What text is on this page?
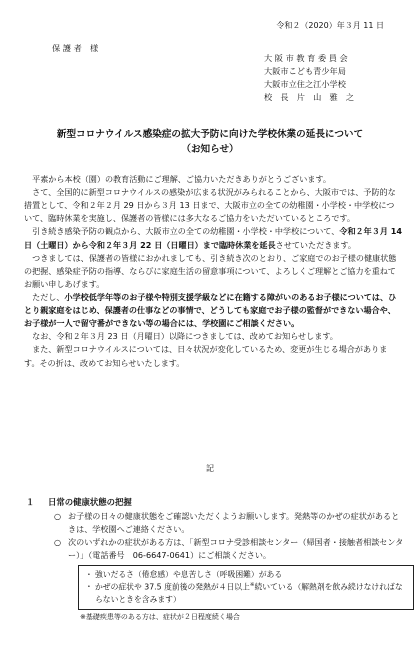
令和２（2020）年３月 11 日
保 護 者　様
大 阪 市 教 育 委 員 会
大阪市こども青少年局
大阪市立住之江小学校
校　長　片　山　雅　之
新型コロナウイルス感染症の拡大予防に向けた学校休業の延長について
（お知らせ）

平素から本校（園）の教育活動にご理解、ご協力いただきありがとうございます。

さて、全国的に新型コロナウイルスの感染が広まる状況がみられることから、大阪市では、予防的な措置として、令和２年２月 29 日から３月 13 日まで、大阪市立の全ての幼稚園・小学校・中学校について、臨時休業を実施し、保護者の皆様には多大なるご協力をいただいているところです。

引き続き感染予防の観点から、大阪市立の全ての幼稚園・小学校・中学校について、令和２年３月 14 日（土曜日）から令和２年３月 22 日（日曜日）まで臨時休業を延長させていただきます。

つきましては、保護者の皆様におかれましても、引き続き次のとおり、ご家庭でのお子様の健康状態の把握、感染症予防の指導、ならびに家庭生活の留意事項について、よろしくご理解とご協力を重ねてお願い申しあげます。

ただし、小学校低学年等のお子様や特別支援学級などに在籍する障がいのあるお子様については、ひとり親家庭をはじめ、保護者の仕事などの事情で、どうしても家庭でお子様の監督ができない場合や、お子様が一人で留守番ができない等の場合には、学校園にご相談ください。

なお、令和２年３月 23 日（月曜日）以降につきましては、改めてお知らせします。

また、新型コロナウイルスについては、日々状況が変化しているため、変更が生じる場合があります。その折は、改めてお知らせいたします。

記
１ 日常の健康状態の把握
○ お子様の日々の健康状態をご確認いただくようお願いします。発熱等のかぜの症状があるときは、学校園へご連絡ください。
○ 次のいずれかの症状がある方は、「新型コロナ受診相談センター（帰国者・接触者相談センター）」（電話番号　06-6647-0641）にご相談ください。
・ 強いだるさ（倦怠感）や息苦しさ（呼吸困難）がある
・ かぜの症状や 37.5 度前後の発熱が４日以上※続いている（解熱剤を飲み続けなければならないときを含みます）
※基礎疾患等のある方は、症状が２日程度続く場合
